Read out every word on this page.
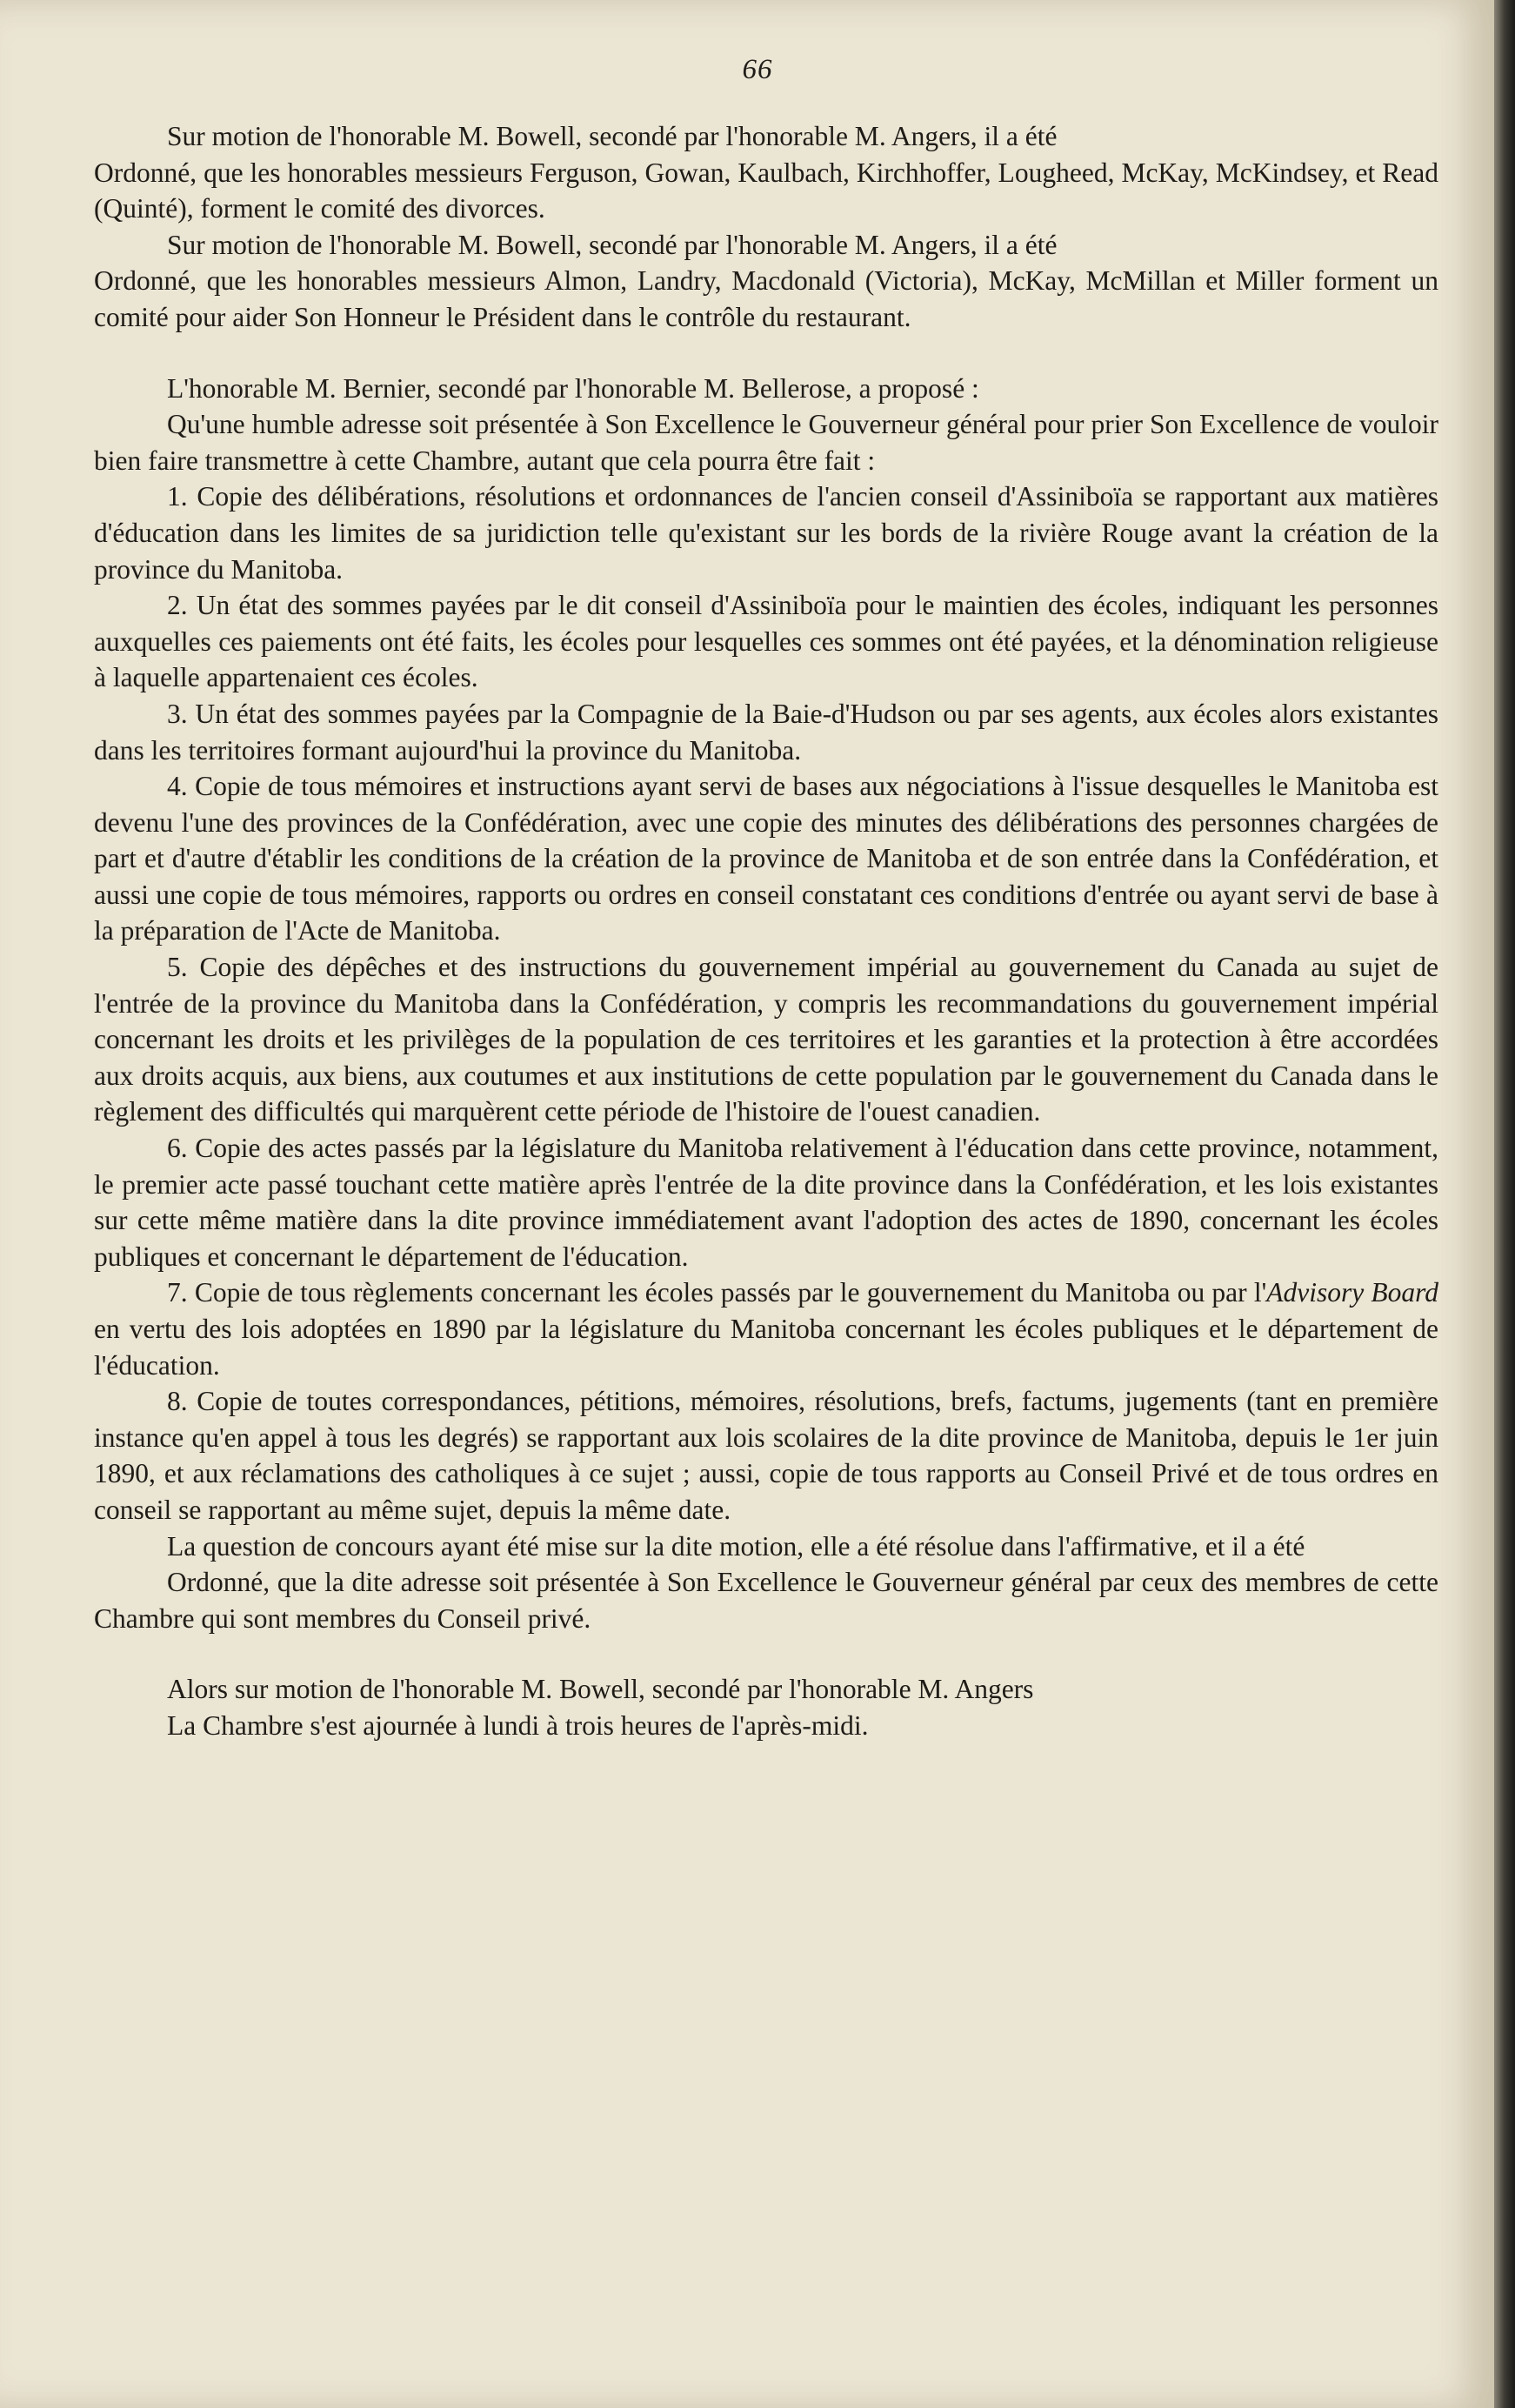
66

Sur motion de l'honorable M. Bowell, secondé par l'honorable M. Angers, il a été

Ordonné, que les honorables messieurs Ferguson, Gowan, Kaulbach, Kirchhoffer, Lougheed, McKay, McKindsey, et Read (Quinté), forment le comité des divorces.

Sur motion de l'honorable M. Bowell, secondé par l'honorable M. Angers, il a été

Ordonné, que les honorables messieurs Almon, Landry, Macdonald (Victoria), McKay, McMillan et Miller forment un comité pour aider Son Honneur le Président dans le contrôle du restaurant.

L'honorable M. Bernier, secondé par l'honorable M. Bellerose, a proposé :

Qu'une humble adresse soit présentée à Son Excellence le Gouverneur général pour prier Son Excellence de vouloir bien faire transmettre à cette Chambre, autant que cela pourra être fait :

1. Copie des délibérations, résolutions et ordonnances de l'ancien conseil d'Assiniboïa se rapportant aux matières d'éducation dans les limites de sa juridiction telle qu'existant sur les bords de la rivière Rouge avant la création de la province du Manitoba.

2. Un état des sommes payées par le dit conseil d'Assiniboïa pour le maintien des écoles, indiquant les personnes auxquelles ces paiements ont été faits, les écoles pour lesquelles ces sommes ont été payées, et la dénomination religieuse à laquelle appartenaient ces écoles.

3. Un état des sommes payées par la Compagnie de la Baie-d'Hudson ou par ses agents, aux écoles alors existantes dans les territoires formant aujourd'hui la province du Manitoba.

4. Copie de tous mémoires et instructions ayant servi de bases aux négociations à l'issue desquelles le Manitoba est devenu l'une des provinces de la Confédération, avec une copie des minutes des délibérations des personnes chargées de part et d'autre d'établir les conditions de la création de la province de Manitoba et de son entrée dans la Confédération, et aussi une copie de tous mémoires, rapports ou ordres en conseil constatant ces conditions d'entrée ou ayant servi de base à la préparation de l'Acte de Manitoba.

5. Copie des dépêches et des instructions du gouvernement impérial au gouvernement du Canada au sujet de l'entrée de la province du Manitoba dans la Confédération, y compris les recommandations du gouvernement impérial concernant les droits et les privilèges de la population de ces territoires et les garanties et la protection à être accordées aux droits acquis, aux biens, aux coutumes et aux institutions de cette population par le gouvernement du Canada dans le règlement des difficultés qui marquèrent cette période de l'histoire de l'ouest canadien.

6. Copie des actes passés par la législature du Manitoba relativement à l'éducation dans cette province, notamment, le premier acte passé touchant cette matière après l'entrée de la dite province dans la Confédération, et les lois existantes sur cette même matière dans la dite province immédiatement avant l'adoption des actes de 1890, concernant les écoles publiques et concernant le département de l'éducation.

7. Copie de tous règlements concernant les écoles passés par le gouvernement du Manitoba ou par l'Advisory Board en vertu des lois adoptées en 1890 par la législature du Manitoba concernant les écoles publiques et le département de l'éducation.

8. Copie de toutes correspondances, pétitions, mémoires, résolutions, brefs, factums, jugements (tant en première instance qu'en appel à tous les degrés) se rapportant aux lois scolaires de la dite province de Manitoba, depuis le 1er juin 1890, et aux réclamations des catholiques à ce sujet ; aussi, copie de tous rapports au Conseil Privé et de tous ordres en conseil se rapportant au même sujet, depuis la même date.

La question de concours ayant été mise sur la dite motion, elle a été résolue dans l'affirmative, et il a été

Ordonné, que la dite adresse soit présentée à Son Excellence le Gouverneur général par ceux des membres de cette Chambre qui sont membres du Conseil privé.

Alors sur motion de l'honorable M. Bowell, secondé par l'honorable M. Angers

La Chambre s'est ajournée à lundi à trois heures de l'après-midi.
